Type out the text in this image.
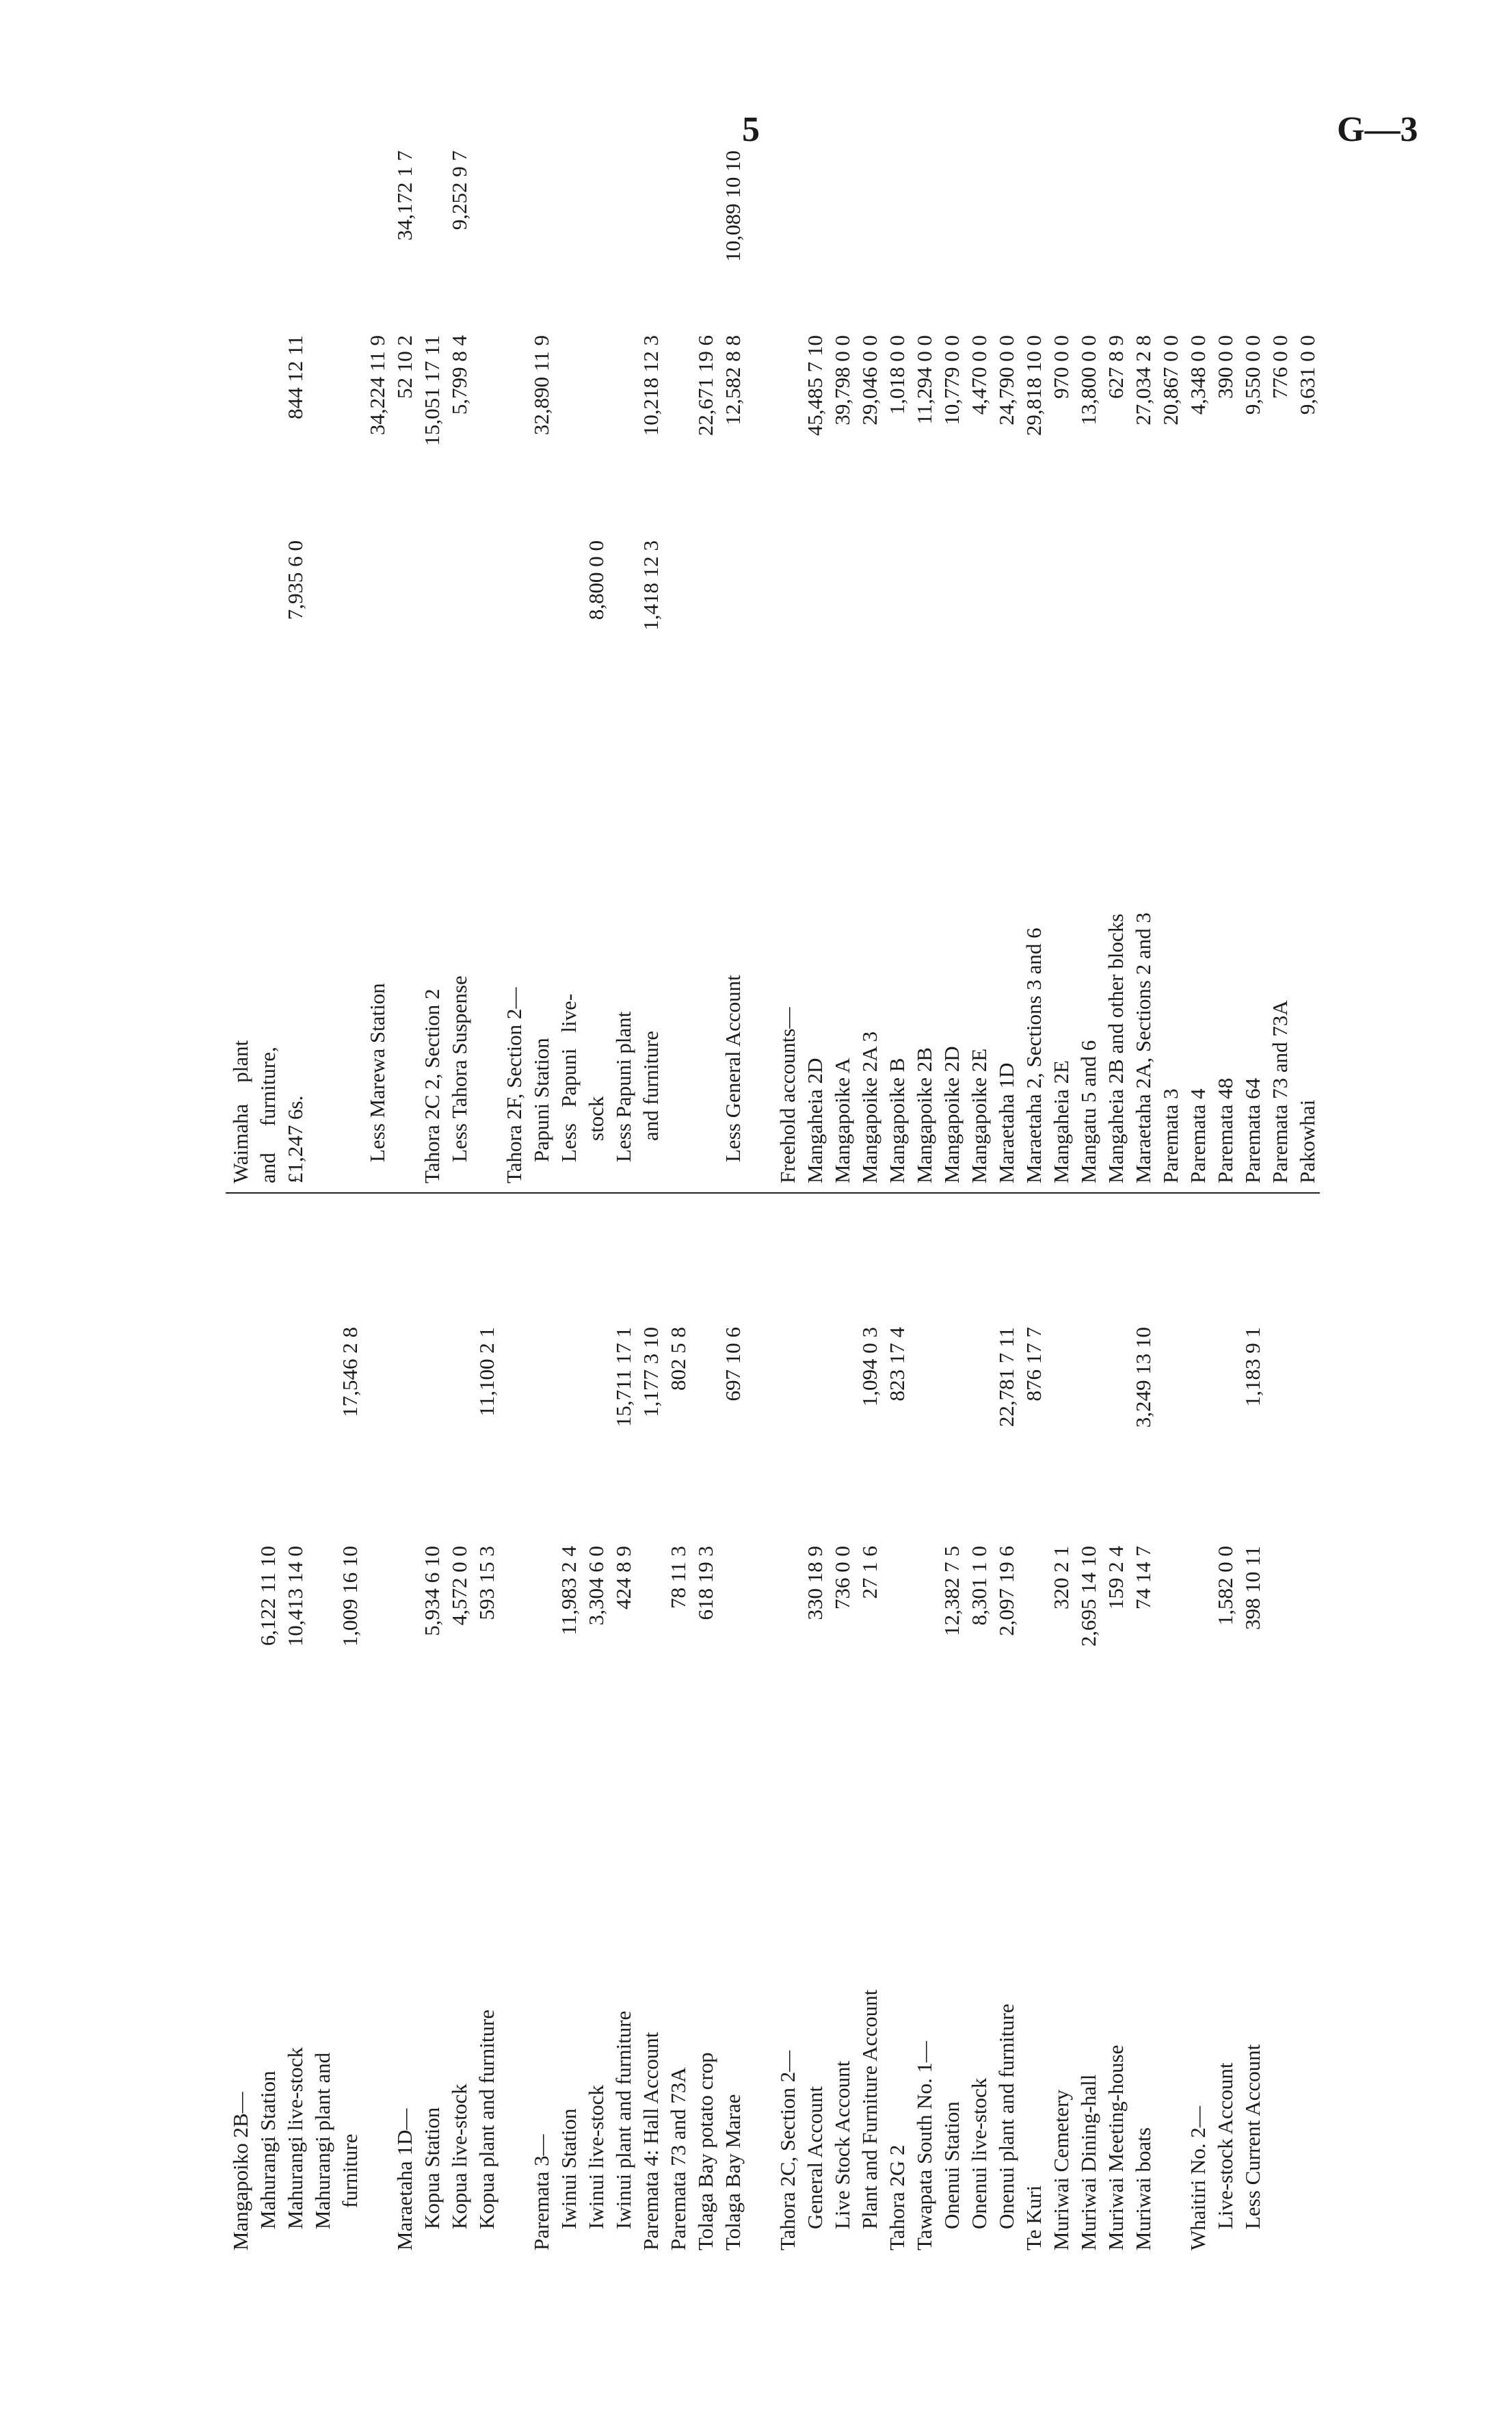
5	G—3
Mangapoiko 2B— Mahurangi Station
6,122 11 10
Mahurangi live-stock
10,413 14 0
Mahurangi plant and furniture
1,009 16 10
17,546 2 8
Maraetaha 1D— Kopua Station
5,934 6 10
Kopua live-stock
4,572 0 0
Kopua plant and furniture
593 15 3
11,100 2 1
Paremata 3— Iwinui Station
11,983 2 4
Iwinui live-stock
3,304 6 0
Iwinui plant and furniture
424 8 9
15,711 17 1
Paremata 4: Hall Account
1,177 3 10
Paremata 73 and 73A
78 11 3
802 5 8
Tolaga Bay potato crop
618 19 3
Tolaga Bay Marae
697 10 6
Tahora 2C, Section 2— General Account
330 18 9
Live Stock Account
736 0 0
Plant and Furniture Account
27 1 6
1,094 0 3
Tahora 2G 2
823 17 4
Tawapata South No. 1— Onenui Station
12,382 7 5
Onenui live-stock
8,301 1 0
Onenui plant and furniture
2,097 19 6
22,781 7 11
Te Kuri
876 17 7
Muriwai Cemetery
320 2 1
Muriwai Dining-hall
2,695 14 10
Muriwai Meeting-house
159 2 4
Muriwai boats
74 14 7
3,249 13 10
Whaitiri No. 2— Live-stock Account
1,582 0 0
Less Current Account
398 10 11
1,183 9 1
Waimaha    plant and     furniture, £1,247 6s.
7,935 6 0
844 12 11
Less Marewa Station
34,224 11 9 52 10 2
34,172 1 7
Tahora 2C 2, Section 2
15,051 17 11
Less Tahora Suspense
5,799 8 4
9,252 9 7
Tahora 2F, Section 2— Papuni Station
32,890 11 9
Less   Papuni   live- stock
8,800 0 0
Less Papuni plant and furniture
1,418 12 3
10,218 12 3 22,671 19 6
Less General Account
12,582 8 8
10,089 10 10
Freehold accounts— Mangaheia 2D
45,485 7 10
Mangapoike A
39,798 0 0
Mangapoike 2A 3
29,046 0 0
Mangapoike B
1,018 0 0
Mangapoike 2B
11,294 0 0
Mangapoike 2D
10,779 0 0
Mangapoike 2E
4,470 0 0
Maraetaha 1D
24,790 0 0
Maraetaha 2, Sections 3 and 6
29,818 10 0
Mangaheia 2E
970 0 0
Mangatu 5 and 6
13,800 0 0
Mangaheia 2B and other blocks
627 8 9
Maraetaha 2A, Sections 2 and 3
27,034 2 8
Paremata 3
20,867 0 0
Paremata 4
4,348 0 0
Paremata 48
390 0 0
Paremata 64
9,550 0 0
Paremata 73 and 73A
776 0 0
Pakowhai
9,631 0 0
